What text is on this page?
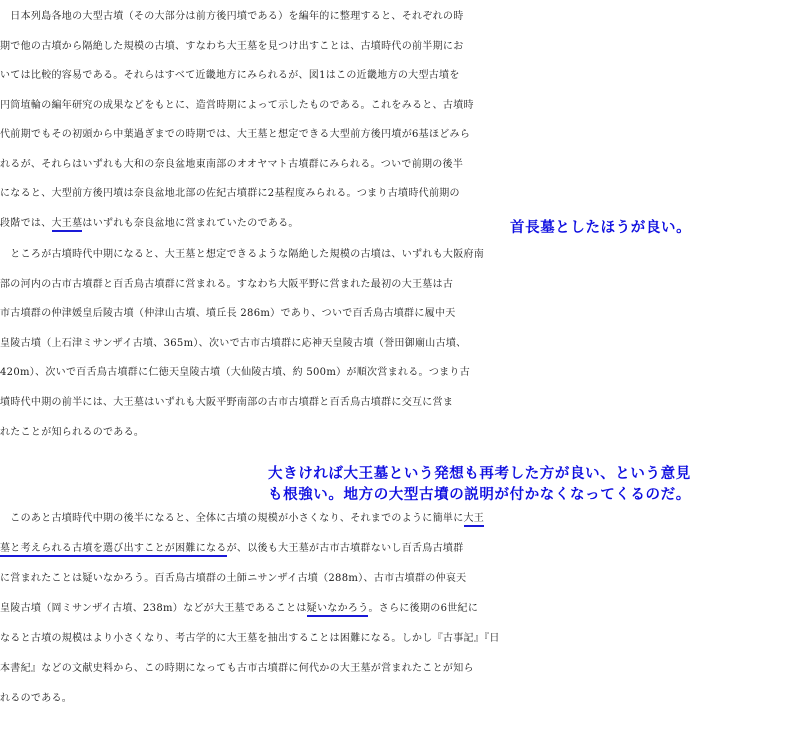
　日本列島各地の大型古墳（その大部分は前方後円墳である）を編年的に整理すると、それぞれの時
期で他の古墳から隔絶した規模の古墳、すなわち大王墓を見つけ出すことは、古墳時代の前半期にお
いては比較的容易である。それらはすべて近畿地方にみられるが、図1はこの近畿地方の大型古墳を
円筒埴輪の編年研究の成果などをもとに、造営時期によって示したものである。これをみると、古墳時
代前期でもその初頭から中葉過ぎまでの時期では、大王墓と想定できる大型前方後円墳が6基ほどみら
れるが、それらはいずれも大和の奈良盆地東南部のオオヤマト古墳群にみられる。ついで前期の後半
になると、大型前方後円墳は奈良盆地北部の佐紀古墳群に2基程度みられる。つまり古墳時代前期の
段階では、大王墓はいずれも奈良盆地に営まれていたのである。	首長墓としたほうが良い。
　ところが古墳時代中期になると、大王墓と想定できるような隔絶した規模の古墳は、いずれも大阪府南
部の河内の古市古墳群と百舌鳥古墳群に営まれる。すなわち大阪平野に営まれた最初の大王墓は古
市古墳群の仲津媛皇后陵古墳（仲津山古墳、墳丘長 286m）であり、ついで百舌鳥古墳群に履中天
皇陵古墳（上石津ミサンザイ古墳、365m）、次いで古市古墳群に応神天皇陵古墳（誉田御廟山古墳、
420m）、次いで百舌鳥古墳群に仁徳天皇陵古墳（大仙陵古墳、約 500m）が順次営まれる。つまり古
墳時代中期の前半には、大王墓はいずれも大阪平野南部の古市古墳群と百舌鳥古墳群に交互に営ま
れたことが知られるのである。
大きければ大王墓という発想も再考した方が良い、という意見
も根強い。地方の大型古墳の説明が付かなくなってくるのだ。
　このあと古墳時代中期の後半になると、全体に古墳の規模が小さくなり、それまでのように簡単に大王
墓と考えられる古墳を選び出すことが困難になるが、以後も大王墓が古市古墳群ないし百舌鳥古墳群
に営まれたことは疑いなかろう。百舌鳥古墳群の土師ニサンザイ古墳（288m）、古市古墳群の仲哀天
皇陵古墳（岡ミサンザイ古墳、238m）などが大王墓であることは疑いなかろう。さらに後期の6世紀に
なると古墳の規模はより小さくなり、考古学的に大王墓を抽出することは困難になる。しかし『古事記』『日
本書紀』などの文献史料から、この時期になっても古市古墳群に何代かの大王墓が営まれたことが知ら
れるのである。
